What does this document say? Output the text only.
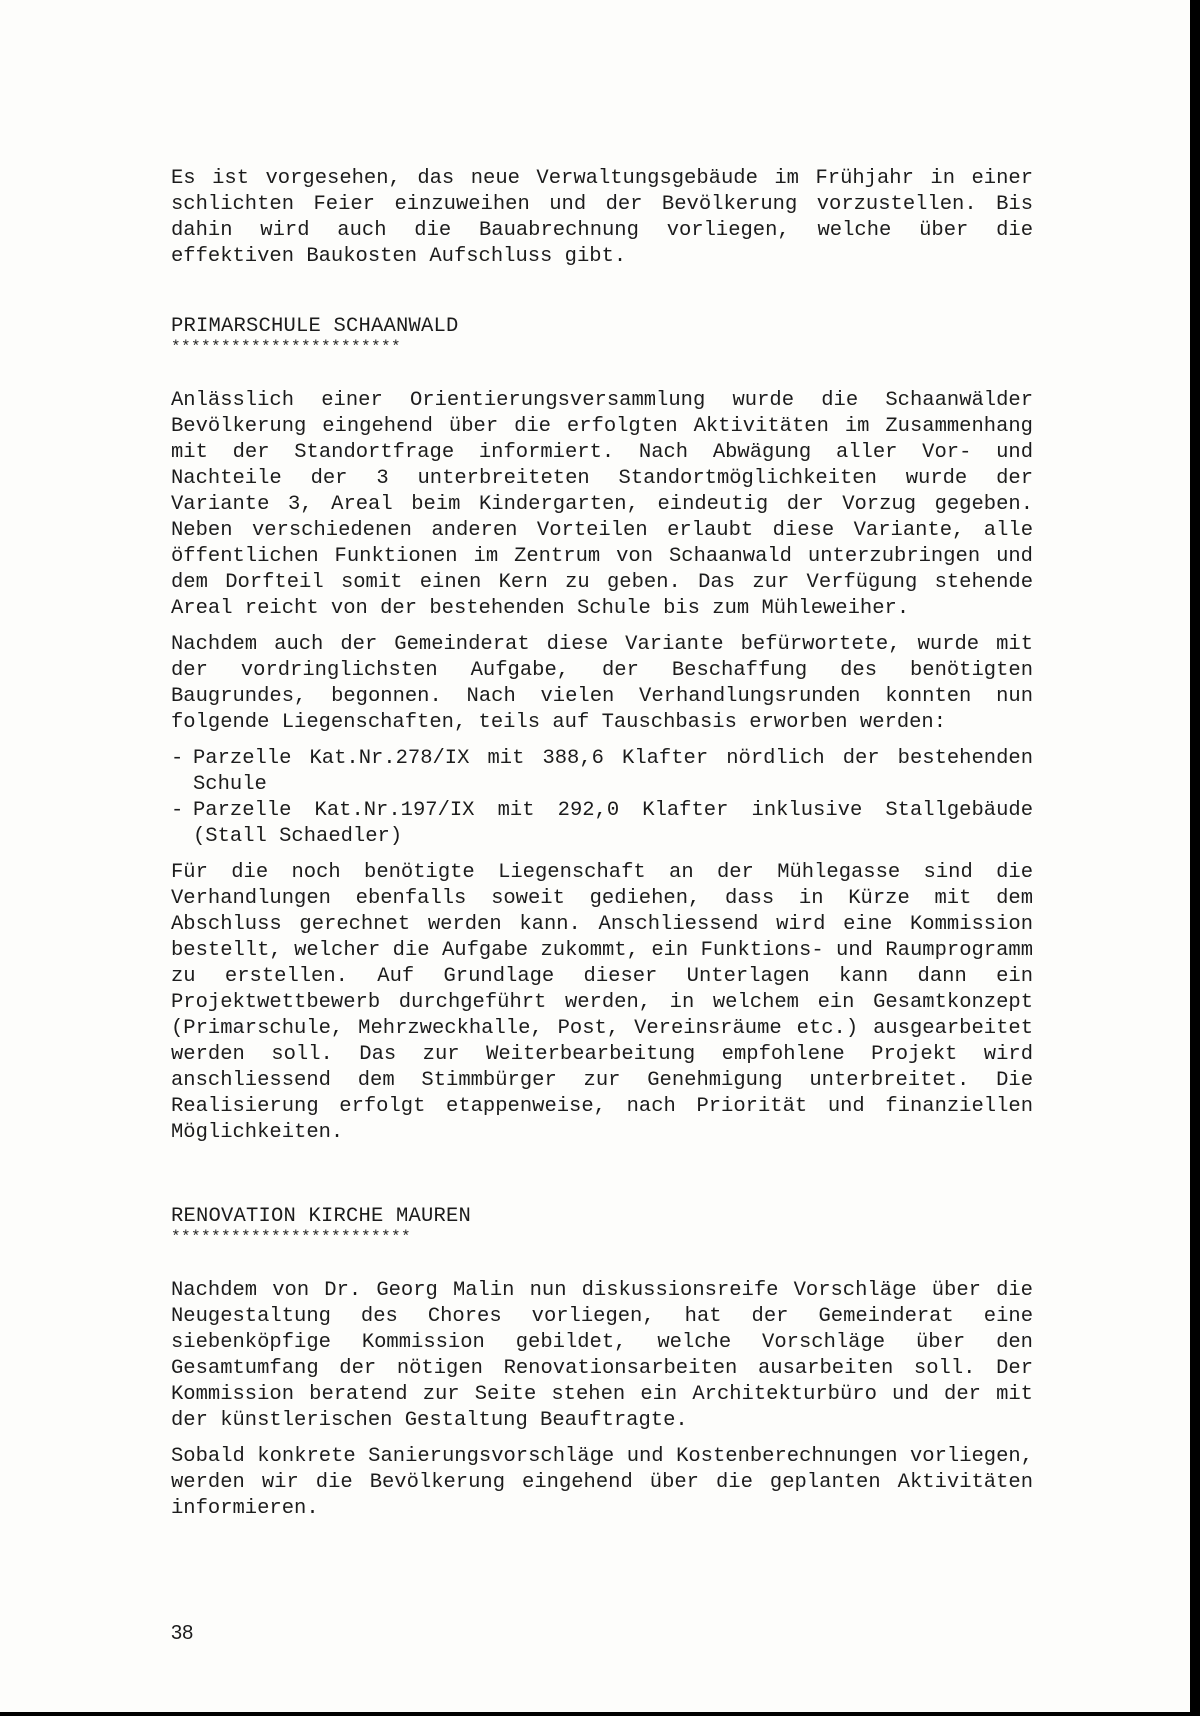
Es ist vorgesehen, das neue Verwaltungsgebäude im Frühjahr in einer schlichten Feier einzuweihen und der Bevölkerung vorzustellen. Bis dahin wird auch die Bauabrechnung vorliegen, welche über die effektiven Baukosten Aufschluss gibt.

PRIMARSCHULE SCHAANWALD
***********************

Anlässlich einer Orientierungsversammlung wurde die Schaanwälder Bevölkerung eingehend über die erfolgten Aktivitäten im Zusammenhang mit der Standortfrage informiert. Nach Abwägung aller Vor- und Nachteile der 3 unterbreiteten Standortmöglichkeiten wurde der Variante 3, Areal beim Kindergarten, eindeutig der Vorzug gegeben. Neben verschiedenen anderen Vorteilen erlaubt diese Variante, alle öffentlichen Funktionen im Zentrum von Schaanwald unterzubringen und dem Dorfteil somit einen Kern zu geben. Das zur Verfügung stehende Areal reicht von der bestehenden Schule bis zum Mühleweiher.

Nachdem auch der Gemeinderat diese Variante befürwortete, wurde mit der vordringlichsten Aufgabe, der Beschaffung des benötigten Baugrundes, begonnen. Nach vielen Verhandlungsrunden konnten nun folgende Liegenschaften, teils auf Tauschbasis erworben werden:

- Parzelle Kat.Nr.278/IX mit 388,6 Klafter nördlich der bestehenden Schule
- Parzelle Kat.Nr.197/IX mit 292,0 Klafter inklusive Stallgebäude (Stall Schaedler)

Für die noch benötigte Liegenschaft an der Mühlegasse sind die Verhandlungen ebenfalls soweit gediehen, dass in Kürze mit dem Abschluss gerechnet werden kann. Anschliessend wird eine Kommission bestellt, welcher die Aufgabe zukommt, ein Funktions- und Raumprogramm zu erstellen. Auf Grundlage dieser Unterlagen kann dann ein Projektwettbewerb durchgeführt werden, in welchem ein Gesamtkonzept (Primarschule, Mehrzweckhalle, Post, Vereinsräume etc.) ausgearbeitet werden soll. Das zur Weiterbearbeitung empfohlene Projekt wird anschliessend dem Stimmbürger zur Genehmigung unterbreitet. Die Realisierung erfolgt etappenweise, nach Priorität und finanziellen Möglichkeiten.

RENOVATION KIRCHE MAUREN
************************

Nachdem von Dr. Georg Malin nun diskussionsreife Vorschläge über die Neugestaltung des Chores vorliegen, hat der Gemeinderat eine siebenköpfige Kommission gebildet, welche Vorschläge über den Gesamtumfang der nötigen Renovationsarbeiten ausarbeiten soll. Der Kommission beratend zur Seite stehen ein Architekturbüro und der mit der künstlerischen Gestaltung Beauftragte.

Sobald konkrete Sanierungsvorschläge und Kostenberechnungen vorliegen, werden wir die Bevölkerung eingehend über die geplanten Aktivitäten informieren.

38
